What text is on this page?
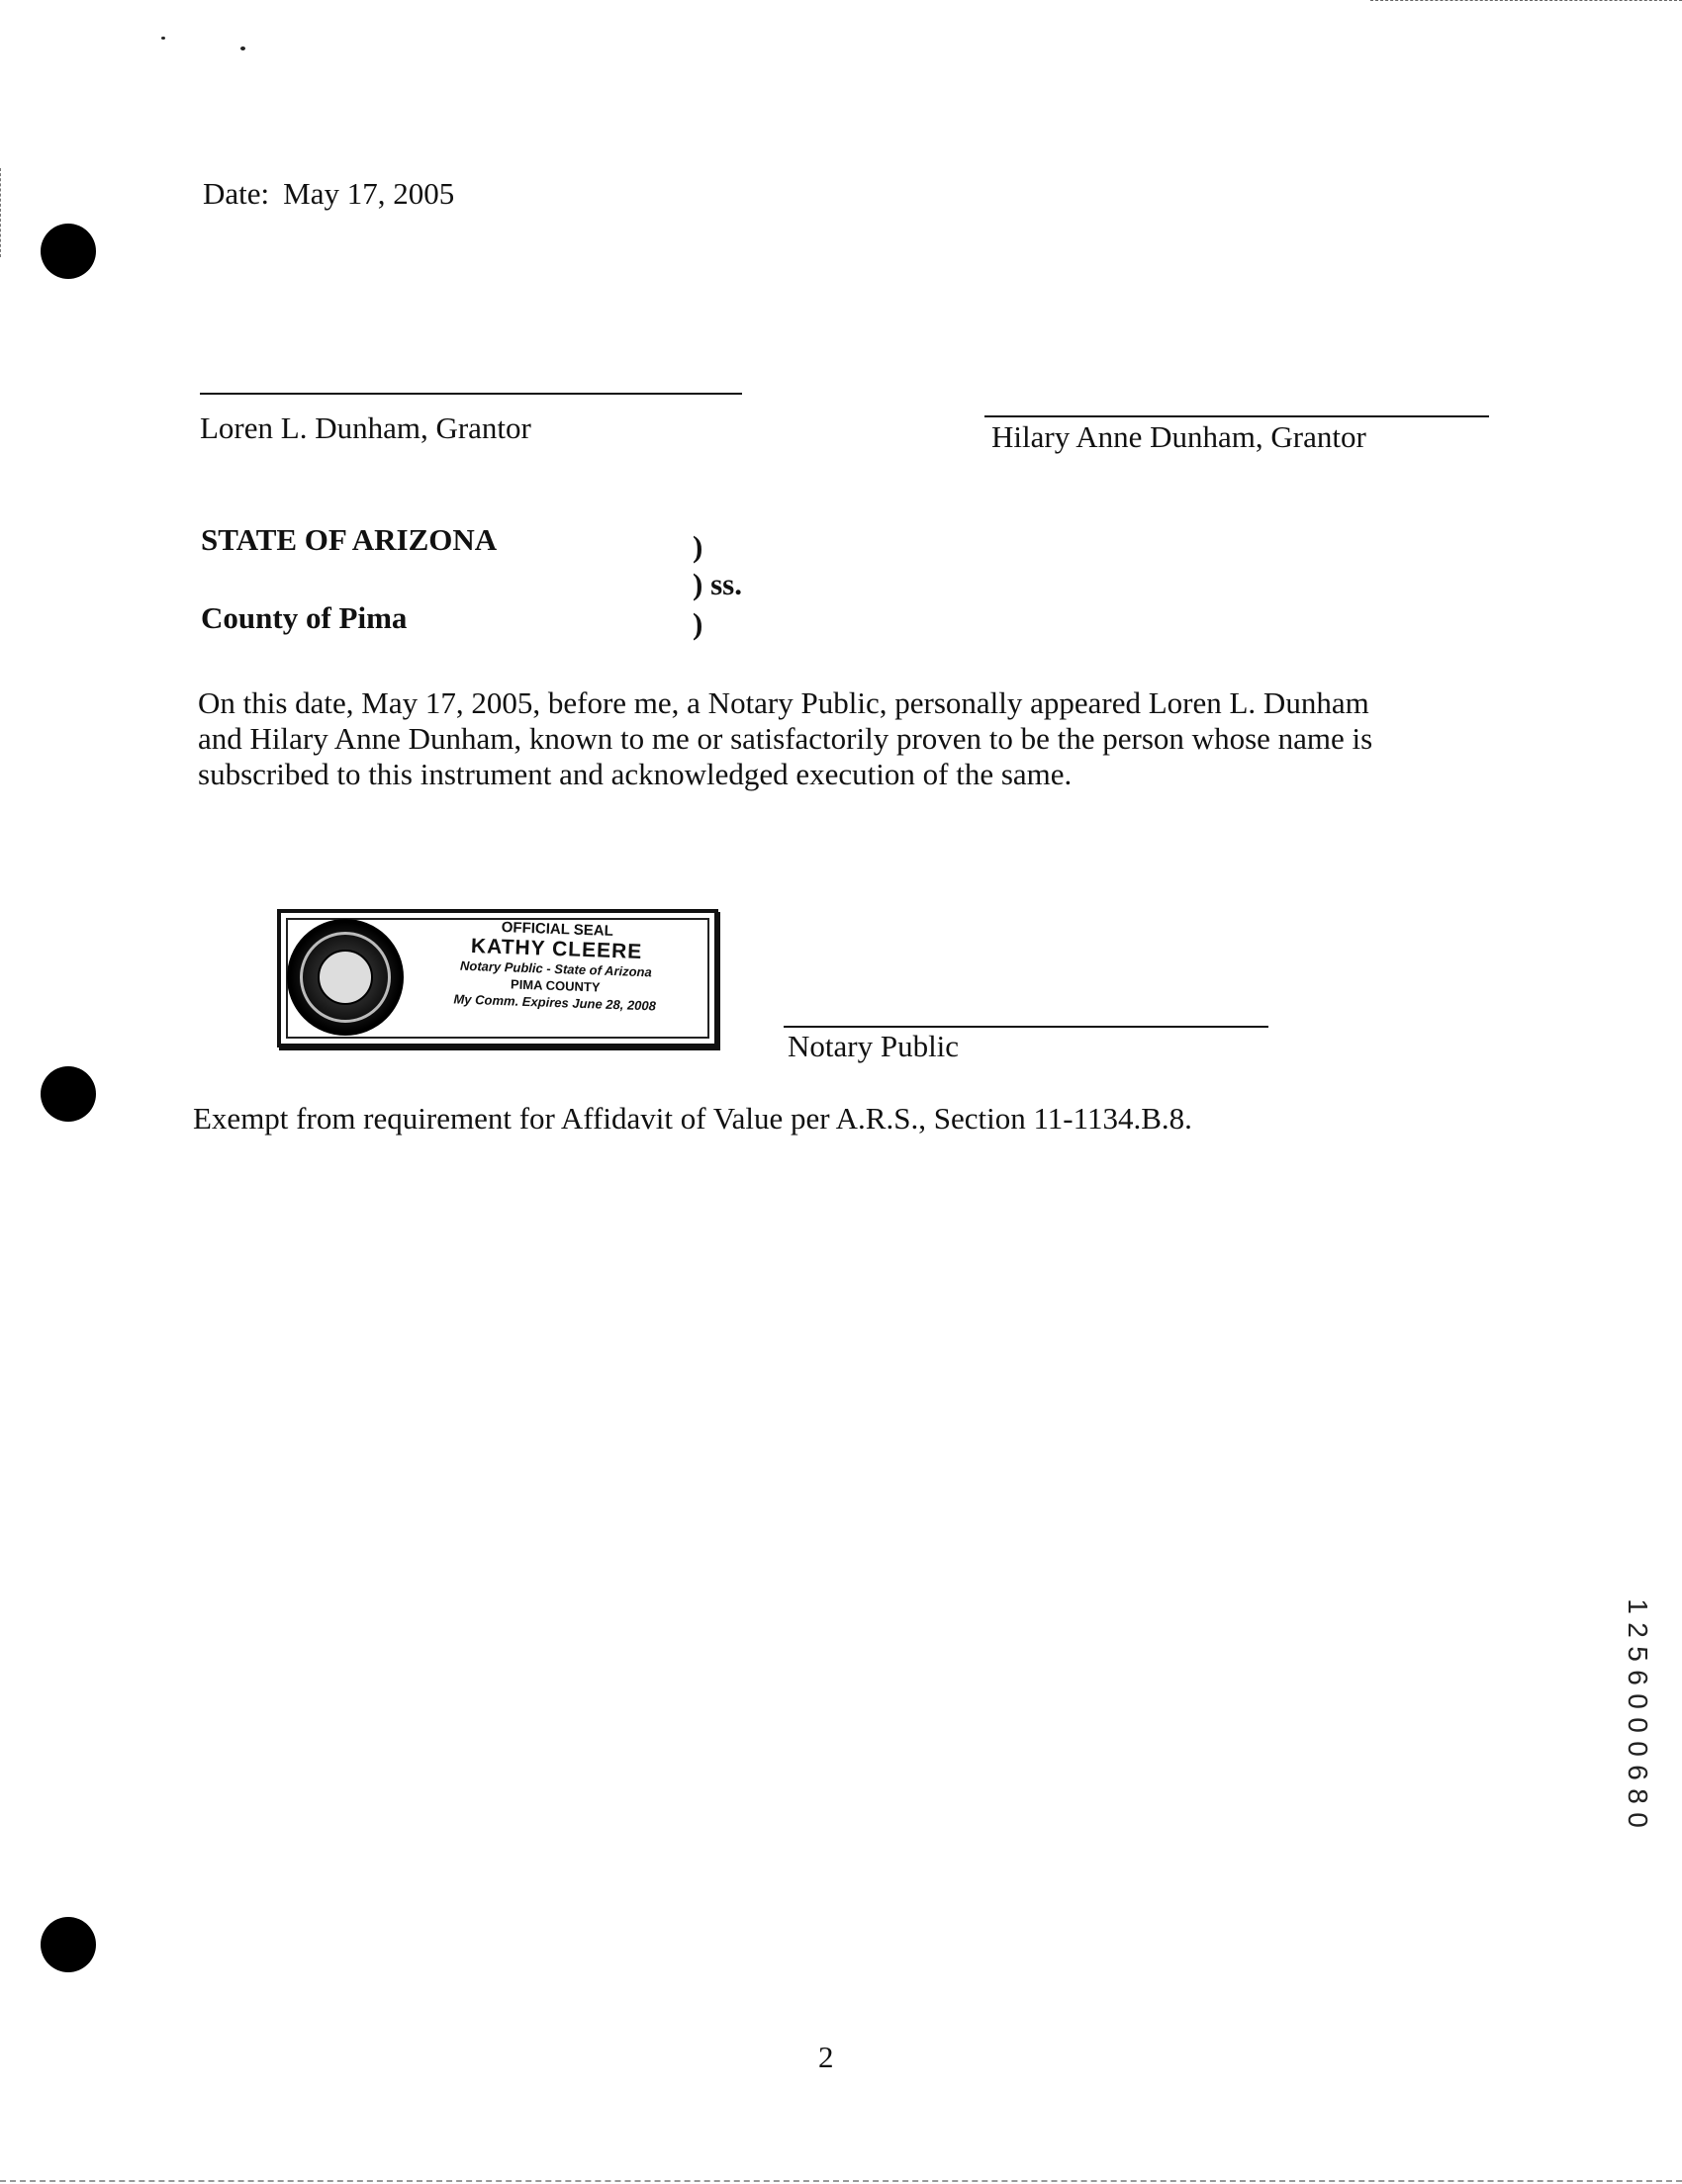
Date: May 17, 2005
Loren L. Dunham, Grantor	Hilary Anne Dunham, Grantor
STATE OF ARIZONA	)
) ss.
County of Pima	)
On this date, May 17, 2005, before me, a Notary Public, personally appeared Loren L. Dunham
and Hilary Anne Dunham, known to me or satisfactorily proven to be the person whose name is
subscribed to this instrument and acknowledged execution of the same.
OFFICIAL SEAL
KATHY CLEERE
Notary Public - State of Arizona
PIMA COUNTY
My Comm. Expires June 28, 2008
Notary Public
Exempt from requirement for Affidavit of Value per A.R.S., Section 11-1134.B.8.
1
2
5
6
0
0
0
6
8
0
2
